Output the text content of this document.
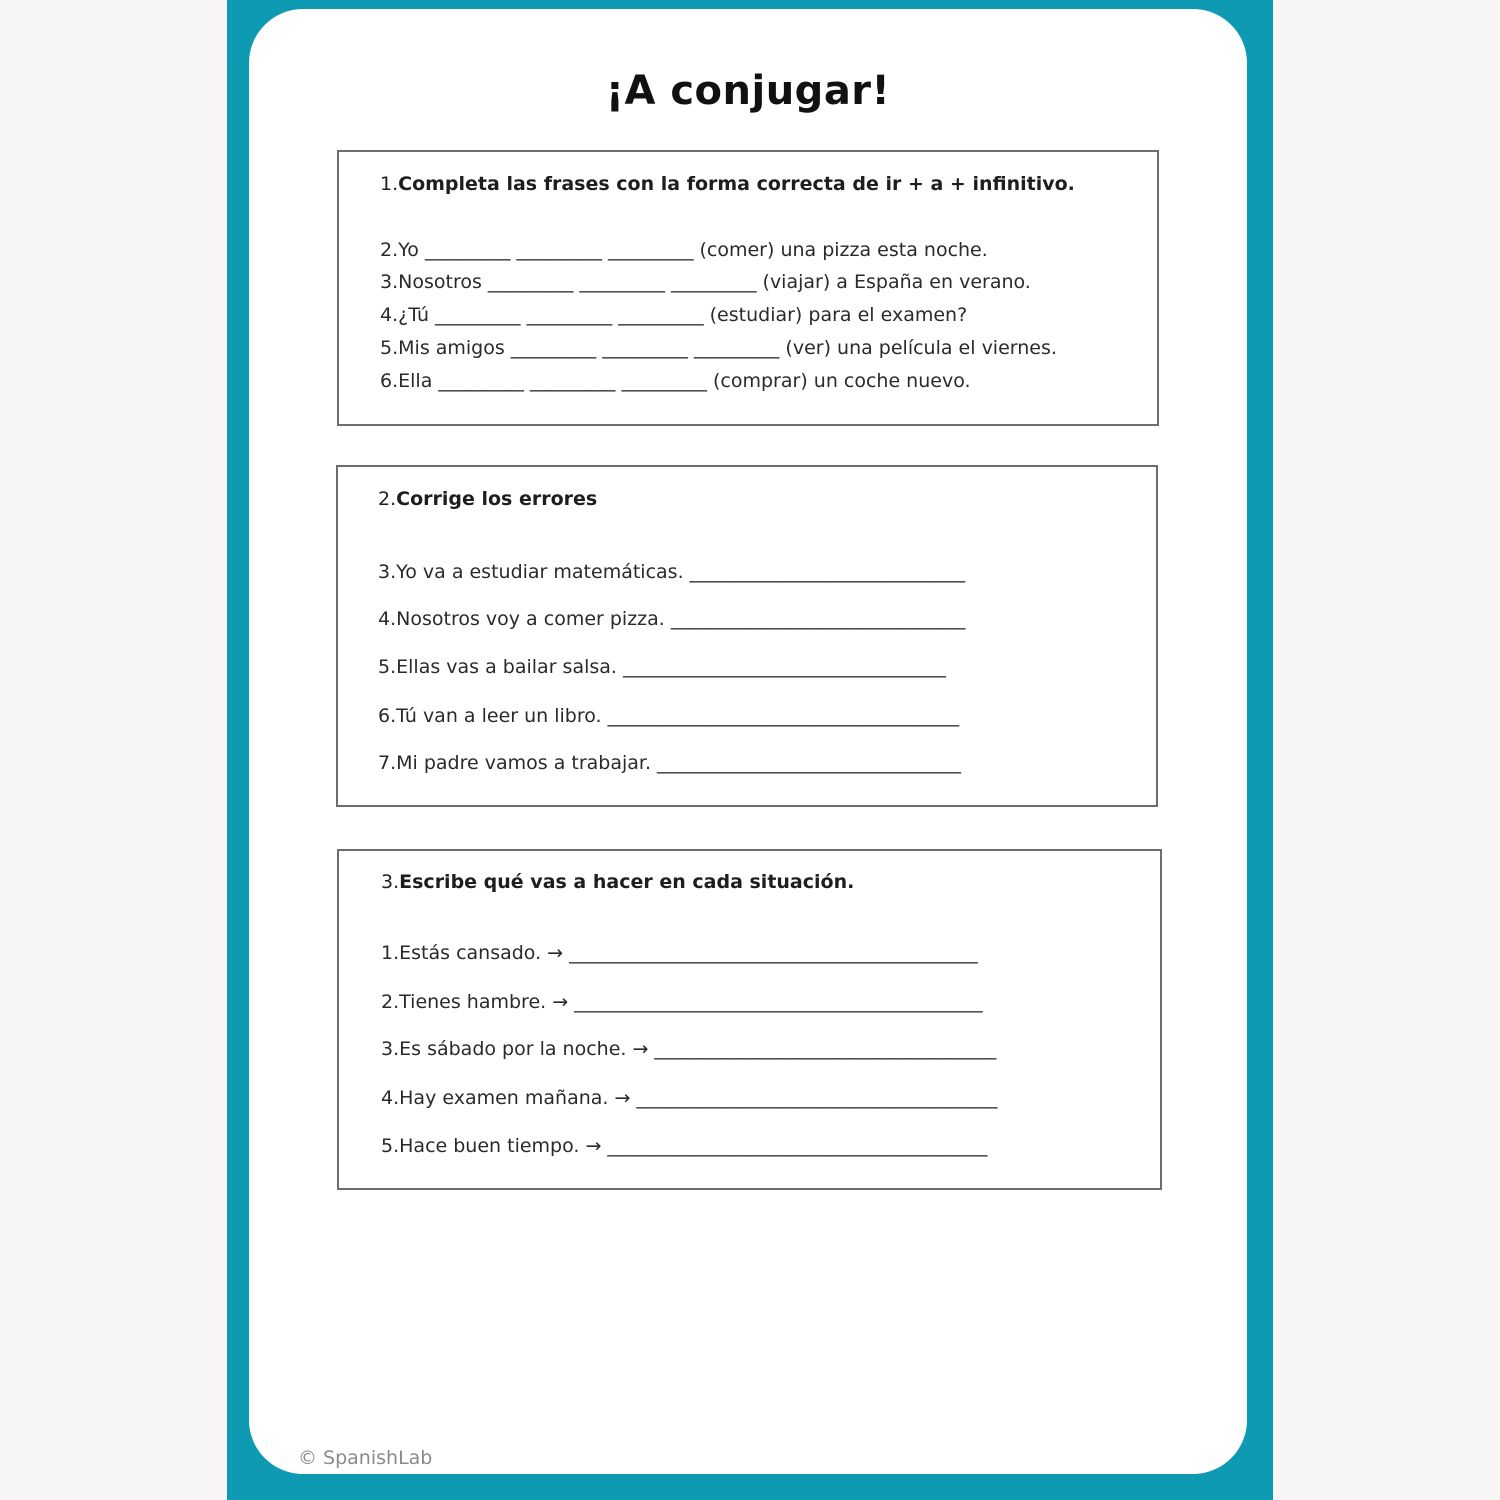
¡A conjugar!
1.Completa las frases con la forma correcta de ir + a + infinitivo.
2.Yo _________ _________ _________ (comer) una pizza esta noche.
3.Nosotros _________ _________ _________ (viajar) a España en verano.
4.¿Tú _________ _________ _________ (estudiar) para el examen?
5.Mis amigos _________ _________ _________ (ver) una película el viernes.
6.Ella _________ _________ _________ (comprar) un coche nuevo.
2.Corrige los errores
3.Yo va a estudiar matemáticas. _____________________________
4.Nosotros voy a comer pizza. _______________________________
5.Ellas vas a bailar salsa. __________________________________
6.Tú van a leer un libro. _____________________________________
7.Mi padre vamos a trabajar. ________________________________
3.Escribe qué vas a hacer en cada situación.
1.Estás cansado. → ___________________________________________
2.Tienes hambre. → ___________________________________________
3.Es sábado por la noche. → ____________________________________
4.Hay examen mañana. → ______________________________________
5.Hace buen tiempo. → ________________________________________
© SpanishLab
